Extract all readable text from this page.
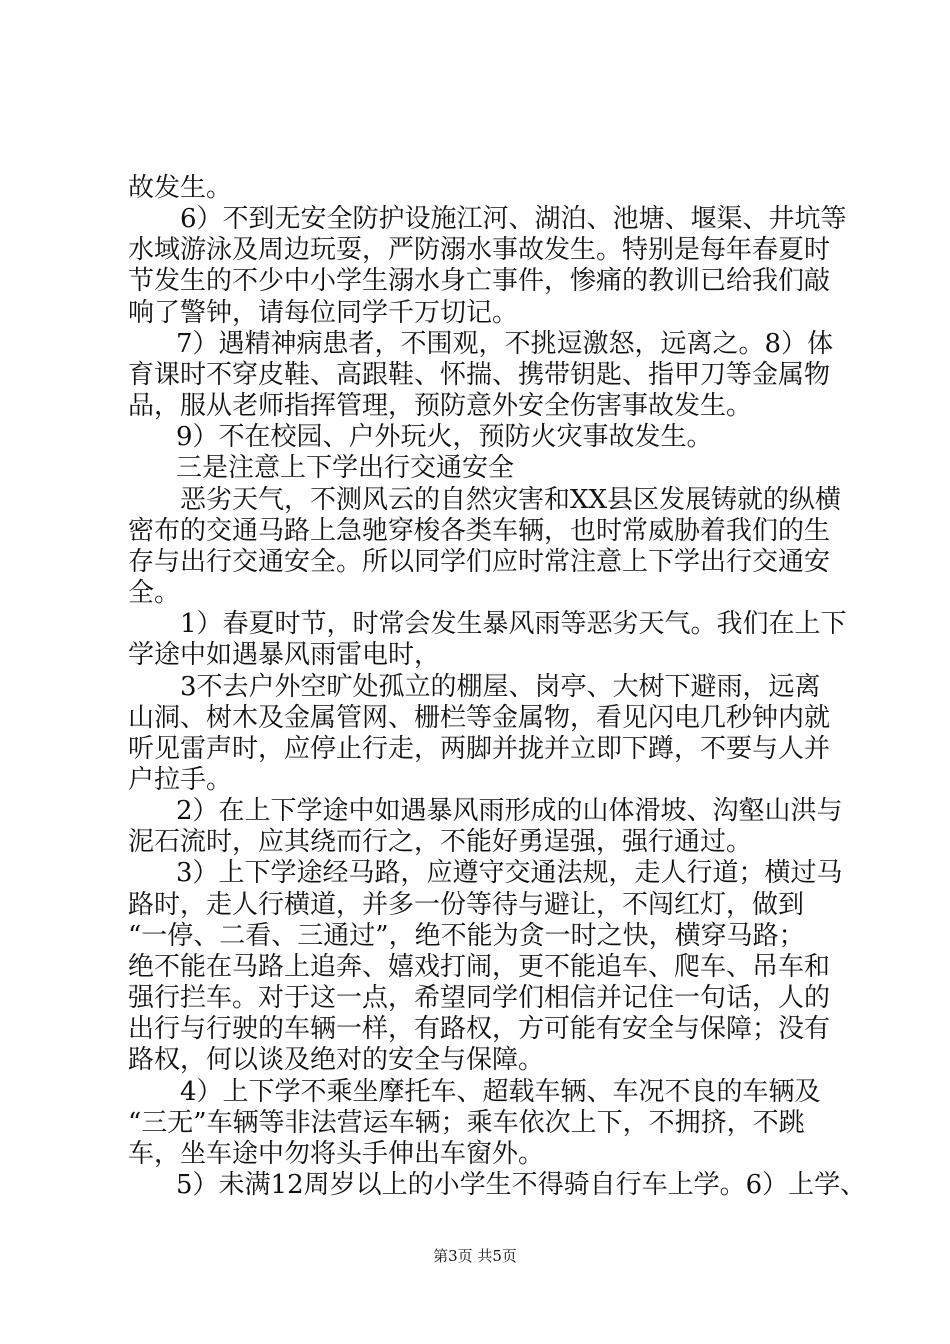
故发生。
6）不到无安全防护设施江河、湖泊、池塘、堰渠、井坑等
水域游泳及周边玩耍，严防溺水事故发生。特别是每年春夏时
节发生的不少中小学生溺水身亡事件，惨痛的教训已给我们敲
响了警钟，请每位同学千万切记。
7）遇精神病患者，不围观，不挑逗激怒，远离之。8）体
育课时不穿皮鞋、高跟鞋、怀揣、携带钥匙、指甲刀等金属物
品，服从老师指挥管理，预防意外安全伤害事故发生。
9）不在校园、户外玩火，预防火灾事故发生。
三是注意上下学出行交通安全
恶劣天气，不测风云的自然灾害和XX县区发展铸就的纵横
密布的交通马路上急驰穿梭各类车辆，也时常威胁着我们的生
存与出行交通安全。所以同学们应时常注意上下学出行交通安
全。
1）春夏时节，时常会发生暴风雨等恶劣天气。我们在上下
学途中如遇暴风雨雷电时，
3不去户外空旷处孤立的棚屋、岗亭、大树下避雨，远离
山洞、树木及金属管网、栅栏等金属物，看见闪电几秒钟内就
听见雷声时，应停止行走，两脚并拢并立即下蹲，不要与人并
户拉手。
2）在上下学途中如遇暴风雨形成的山体滑坡、沟壑山洪与
泥石流时，应其绕而行之，不能好勇逞强，强行通过。
3）上下学途经马路，应遵守交通法规，走人行道；横过马
路时，走人行横道，并多一份等待与避让，不闯红灯，做到
“一停、二看、三通过”，绝不能为贪一时之快，横穿马路；
绝不能在马路上追奔、嬉戏打闹，更不能追车、爬车、吊车和
强行拦车。对于这一点，希望同学们相信并记住一句话，人的
出行与行驶的车辆一样，有路权，方可能有安全与保障；没有
路权，何以谈及绝对的安全与保障。
4）上下学不乘坐摩托车、超载车辆、车况不良的车辆及
“三无”车辆等非法营运车辆；乘车依次上下，不拥挤，不跳
车，坐车途中勿将头手伸出车窗外。
5）未满12周岁以上的小学生不得骑自行车上学。6）上学、
第3页 共5页
